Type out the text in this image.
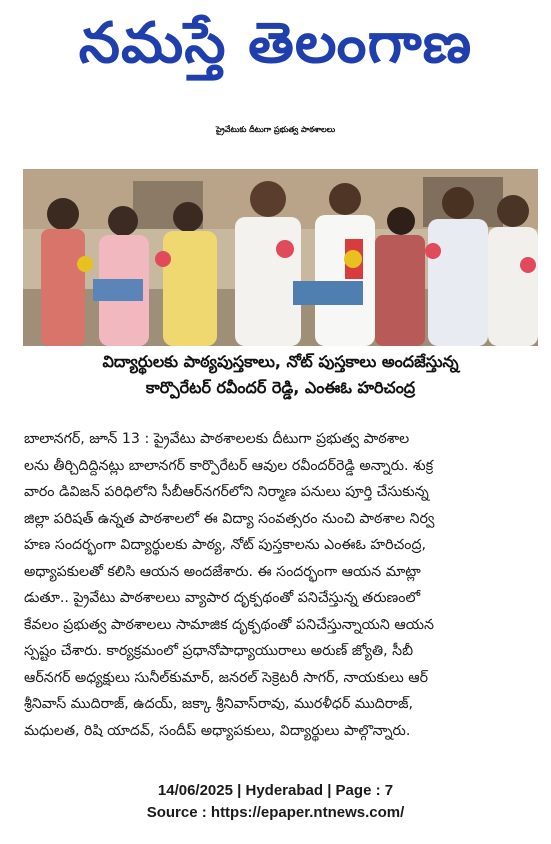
నమస్తే తెలంగాణ
ప్రైవేటుకు దీటుగా ప్రభుత్వ పాఠశాలలు
విద్యార్థులకు పాఠ్యపుస్తకాలు, నోట్ పుస్తకాలు అందజేస్తున్న
కార్పొరేటర్ రవీందర్ రెడ్డి, ఎంఈఓ హరిచంద్ర
బాలానగర్, జూన్ 13 : ప్రైవేటు పాఠశాలలకు దీటుగా ప్రభుత్వ పాఠశాల
లను తీర్చిదిద్దినట్లు బాలానగర్ కార్పొరేటర్ ఆవుల రవీందర్‌రెడ్డి అన్నారు. శుక్ర
వారం డివిజన్ పరిధిలోని సీబీఆర్‌నగర్‌లోని నిర్మాణ పనులు పూర్తి చేసుకున్న
జిల్లా పరిషత్ ఉన్నత పాఠశాలలో ఈ విద్యా సంవత్సరం నుంచి పాఠశాల నిర్వ
హణ సందర్భంగా విద్యార్థులకు పాఠ్య, నోట్ పుస్తకాలను ఎంఈఓ హరిచంద్ర,
అధ్యాపకులతో కలిసి ఆయన అందజేశారు. ఈ సందర్భంగా ఆయన మాట్లా
డుతూ.. ప్రైవేటు పాఠశాలలు వ్యాపార దృక్పథంతో పనిచేస్తున్న తరుణంలో
కేవలం ప్రభుత్వ పాఠశాలలు సామాజిక దృక్పథంతో పనిచేస్తున్నాయని ఆయన
స్పష్టం చేశారు. కార్యక్రమంలో ప్రధానోపాధ్యాయురాలు అరుణ్ జ్యోతి, సీబీ
ఆర్‌నగర్ అధ్యక్షులు సునీల్‌కుమార్, జనరల్ సెక్రెటరీ సాగర్, నాయకులు ఆర్
శ్రీనివాస్ ముదిరాజ్, ఉదయ్, జక్కా శ్రీనివాస్‌రావు, మురళీధర్ ముదిరాజ్,
మధులత, రిషి యాదవ్, సందీప్ అధ్యాపకులు, విద్యార్థులు పాల్గొన్నారు.
14/06/2025 | Hyderabad | Page : 7
Source : https://epaper.ntnews.com/
